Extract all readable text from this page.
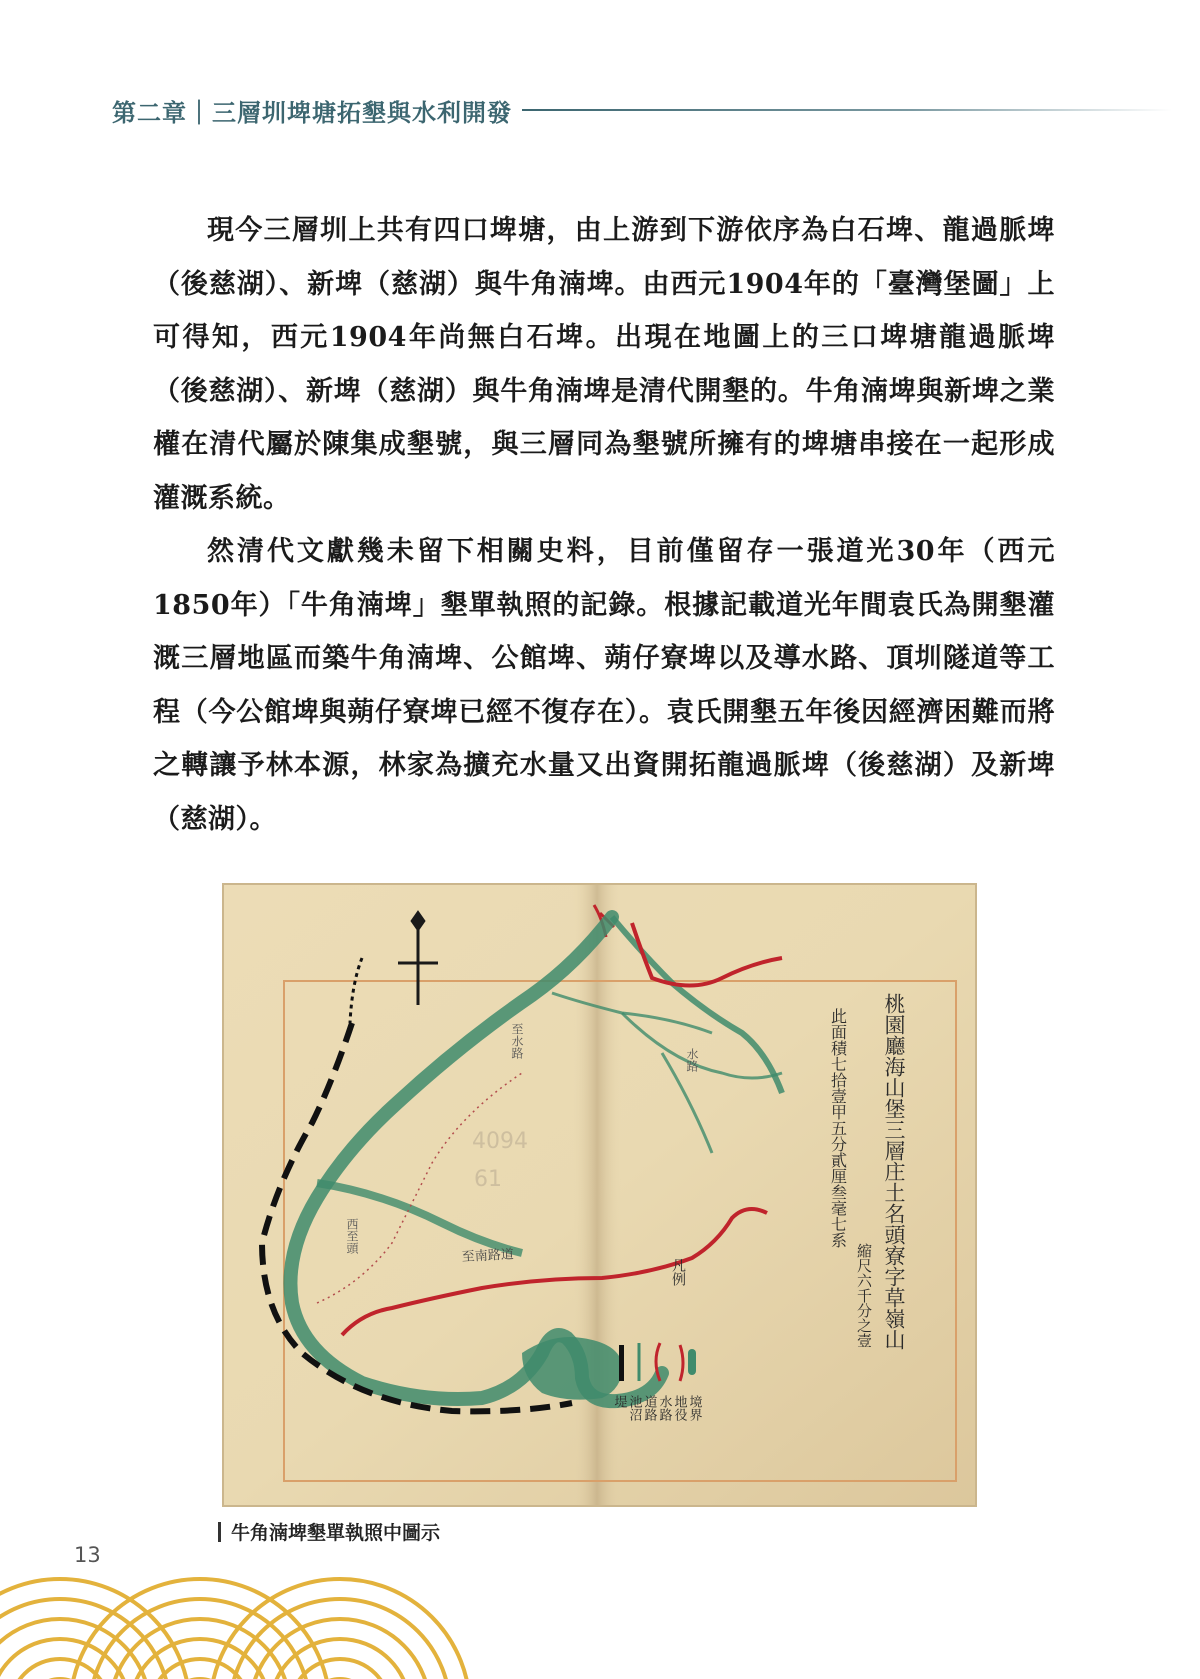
第二章｜三層圳埤塘拓墾與水利開發

現今三層圳上共有四口埤塘，由上游到下游依序為白石埤、龍過脈埤（後慈湖）、新埤（慈湖）與牛角湳埤。由西元1904年的「臺灣堡圖」上可得知，西元1904年尚無白石埤。出現在地圖上的三口埤塘龍過脈埤（後慈湖）、新埤（慈湖）與牛角湳埤是清代開墾的。牛角湳埤與新埤之業權在清代屬於陳集成墾號，與三層同為墾號所擁有的埤塘串接在一起形成灌溉系統。

然清代文獻幾未留下相關史料，目前僅留存一張道光30年（西元1850年）「牛角湳埤」墾單執照的記錄。根據記載道光年間袁氏為開墾灌溉三層地區而築牛角湳埤、公館埤、蒴仔寮埤以及導水路、頂圳隧道等工程（今公館埤與蒴仔寮埤已經不復存在）。袁氏開墾五年後因經濟困難而將之轉讓予林本源，林家為擴充水量又出資開拓龍過脈埤（後慈湖）及新埤（慈湖）。

4094
61	桃園廳海山堡三層庄土名頭寮字草嶺山
此面積七拾壹甲五分貳厘叁毫七系
縮尺六千分之壹
水路
至水路
西至頭
凡例
至南路道
堤 池沼 道路 水路 地役 境界
牛角湳埤墾單執照中圖示
13
